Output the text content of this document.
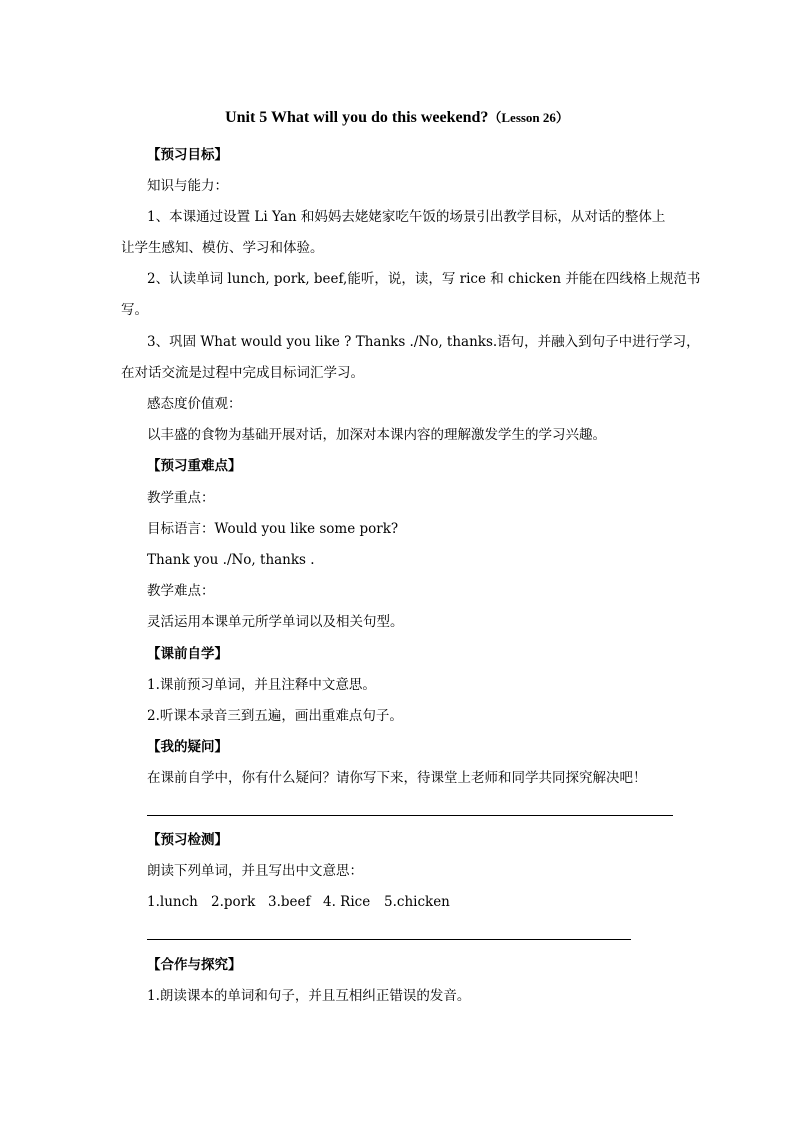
Unit 5 What will you do this weekend?（Lesson 26）
【预习目标】
知识与能力：
1、本课通过设置 Li Yan 和妈妈去姥姥家吃午饭的场景引出教学目标，从对话的整体上
让学生感知、模仿、学习和体验。
2、认读单词 lunch, pork, beef,能听，说，读，写 rice 和 chicken 并能在四线格上规范书
写。
3、巩固 What would you like ? Thanks ./No, thanks.语句，并融入到句子中进行学习，
在对话交流是过程中完成目标词汇学习。
感态度价值观：
以丰盛的食物为基础开展对话，加深对本课内容的理解激发学生的学习兴趣。
【预习重难点】
教学重点：
目标语言：Would you like some pork?
Thank you ./No, thanks .
教学难点：
灵活运用本课单元所学单词以及相关句型。
【课前自学】
1.课前预习单词，并且注释中文意思。
2.听课本录音三到五遍，画出重难点句子。
【我的疑问】
在课前自学中，你有什么疑问？请你写下来，待课堂上老师和同学共同探究解决吧！
【预习检测】
朗读下列单词，并且写出中文意思：
1.lunch 2.pork 3.beef 4. Rice 5.chicken
【合作与探究】
1.朗读课本的单词和句子，并且互相纠正错误的发音。
